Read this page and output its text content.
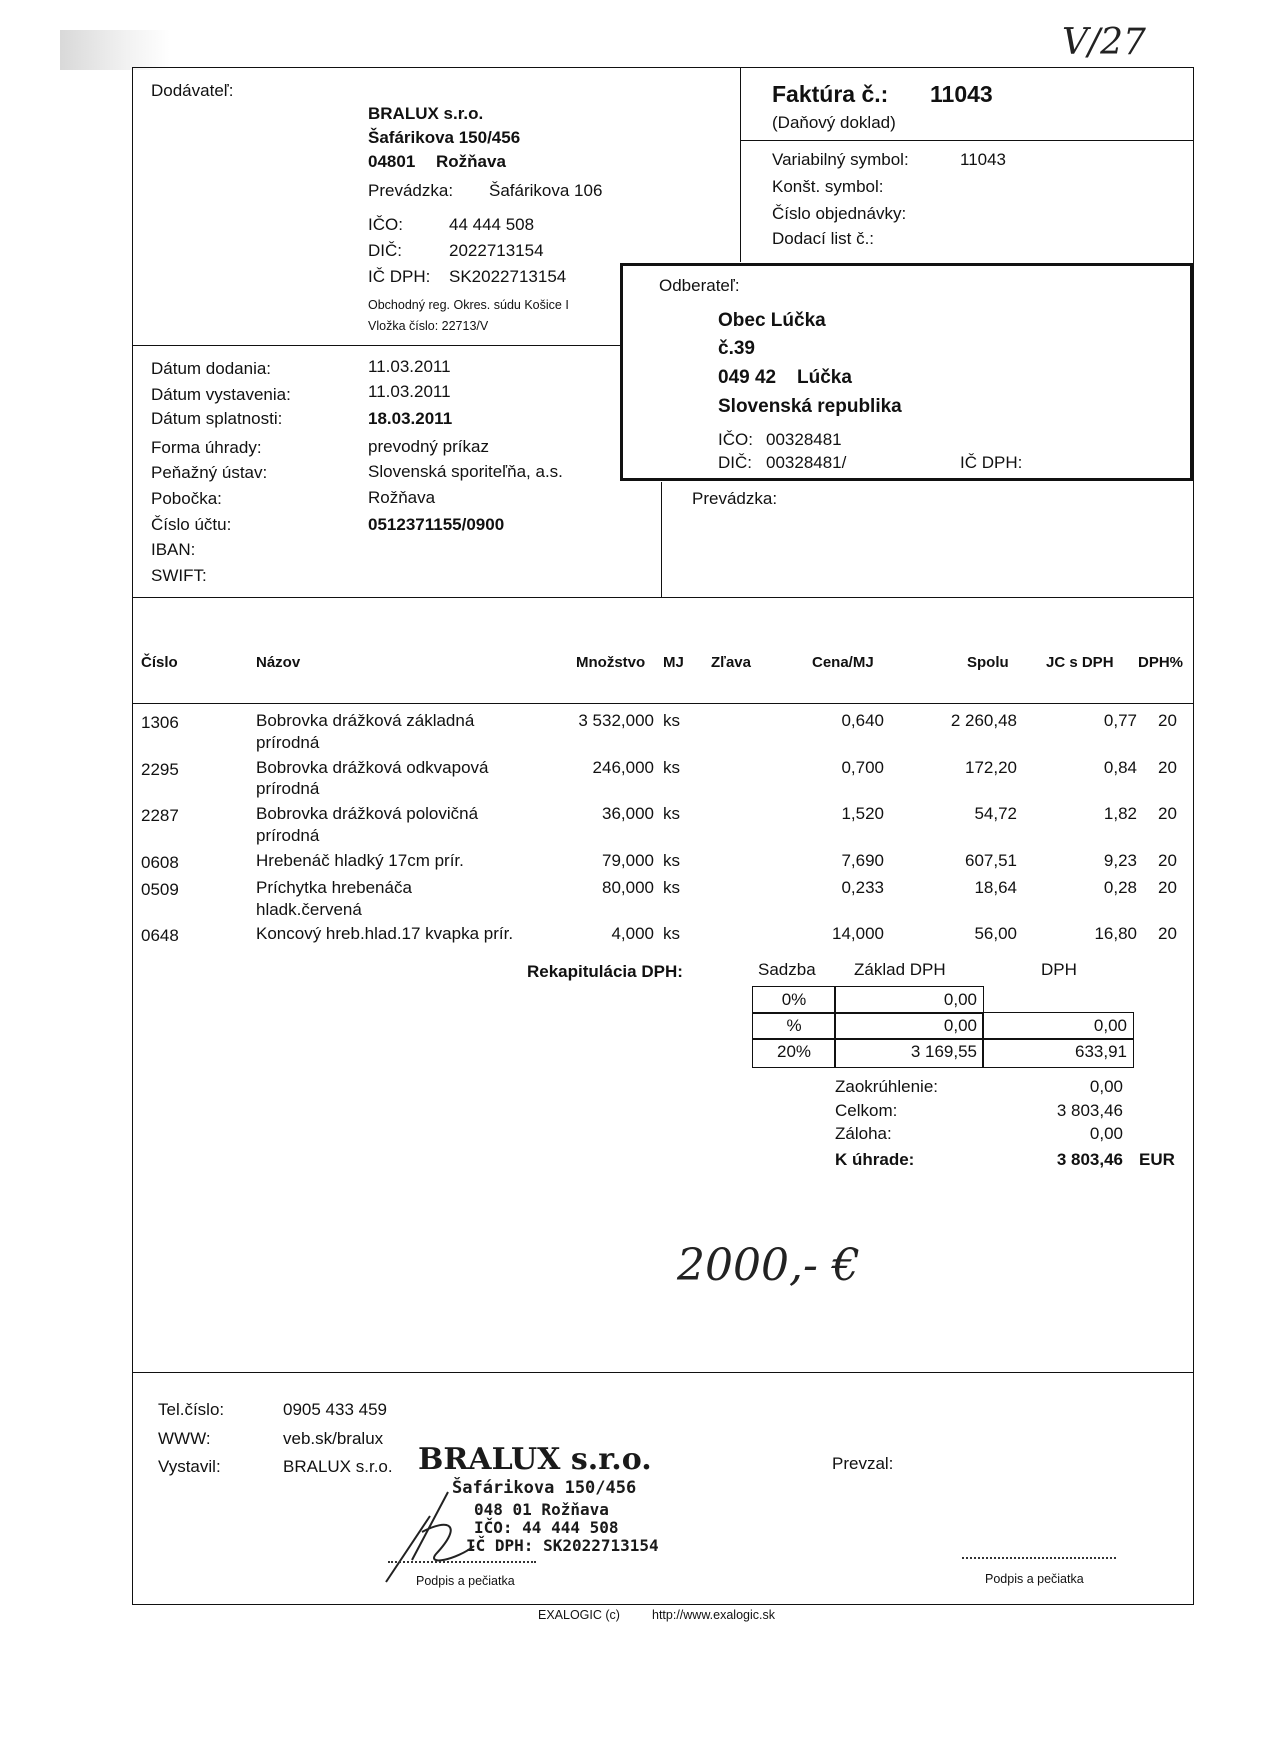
V/27
Dodávateľ:
BRALUX s.r.o.
Šafárikova 150/456
04801 Rožňava
Prevádzka: Šafárikova 106
IČO:	44 444 508
DIČ:	2022713154
IČ DPH: SK2022713154
Obchodný reg. Okres. súdu Košice I
Vložka číslo: 22713/V
Faktúra č.: 11043
(Daňový doklad)
Variabilný symbol:	11043
Konšt. symbol:
Číslo objednávky:
Dodací list č.:
Odberateľ:
Obec Lúčka
č.39
049 42 Lúčka
Slovenská republika
IČO: 00328481
DIČ: 00328481/	IČ DPH:
Prevádzka:
Dátum dodania:	11.03.2011
Dátum vystavenia:	11.03.2011
Dátum splatnosti:	18.03.2011
Forma úhrady:	prevodný príkaz
Peňažný ústav:	Slovenská sporiteľňa, a.s.
Pobočka:	Rožňava
Číslo účtu:	0512371155/0900
IBAN:
SWIFT:
Číslo	Názov	Množstvo MJ Zľava	Cena/MJ	Spolu JC s DPH DPH%
1306	Bobrovka drážková základná
prírodná
3 532,000 ks	0,640	2 260,48	0,77 20
2295	Bobrovka drážková odkvapová
prírodná
246,000 ks	0,700	172,20	0,84 20
2287	Bobrovka drážková polovičná
prírodná
36,000 ks	1,520	54,72	1,82 20
0608	Hrebenáč hladký 17cm prír.	79,000 ks	7,690	607,51	9,23 20
0509	Príchytka hrebenáča
hladk.červená
80,000 ks	0,233	18,64	0,28 20
0648	Koncový hreb.hlad.17 kvapka prír.	4,000 ks	14,000	56,00	16,80 20
Rekapitulácia DPH:	Sadzba Základ DPH	DPH
0%	0,00
%	0,00	0,00
20%	3 169,55	633,91
Zaokrúhlenie:	0,00
Celkom:	3 803,46
Záloha:	0,00
K úhrade:	3 803,46 EUR
2000,- €
Tel.číslo:	0905 433 459
WWW:	veb.sk/bralux
Vystavil:	BRALUX s.r.o.	Prevzal:
BRALUX s.r.o.
Šafárikova 150/456
048 01 Rožňava
IČO: 44 444 508
IČ DPH: SK2022713154
Podpis a pečiatka	Podpis a pečiatka
EXALOGIC (c)	http://www.exalogic.sk
